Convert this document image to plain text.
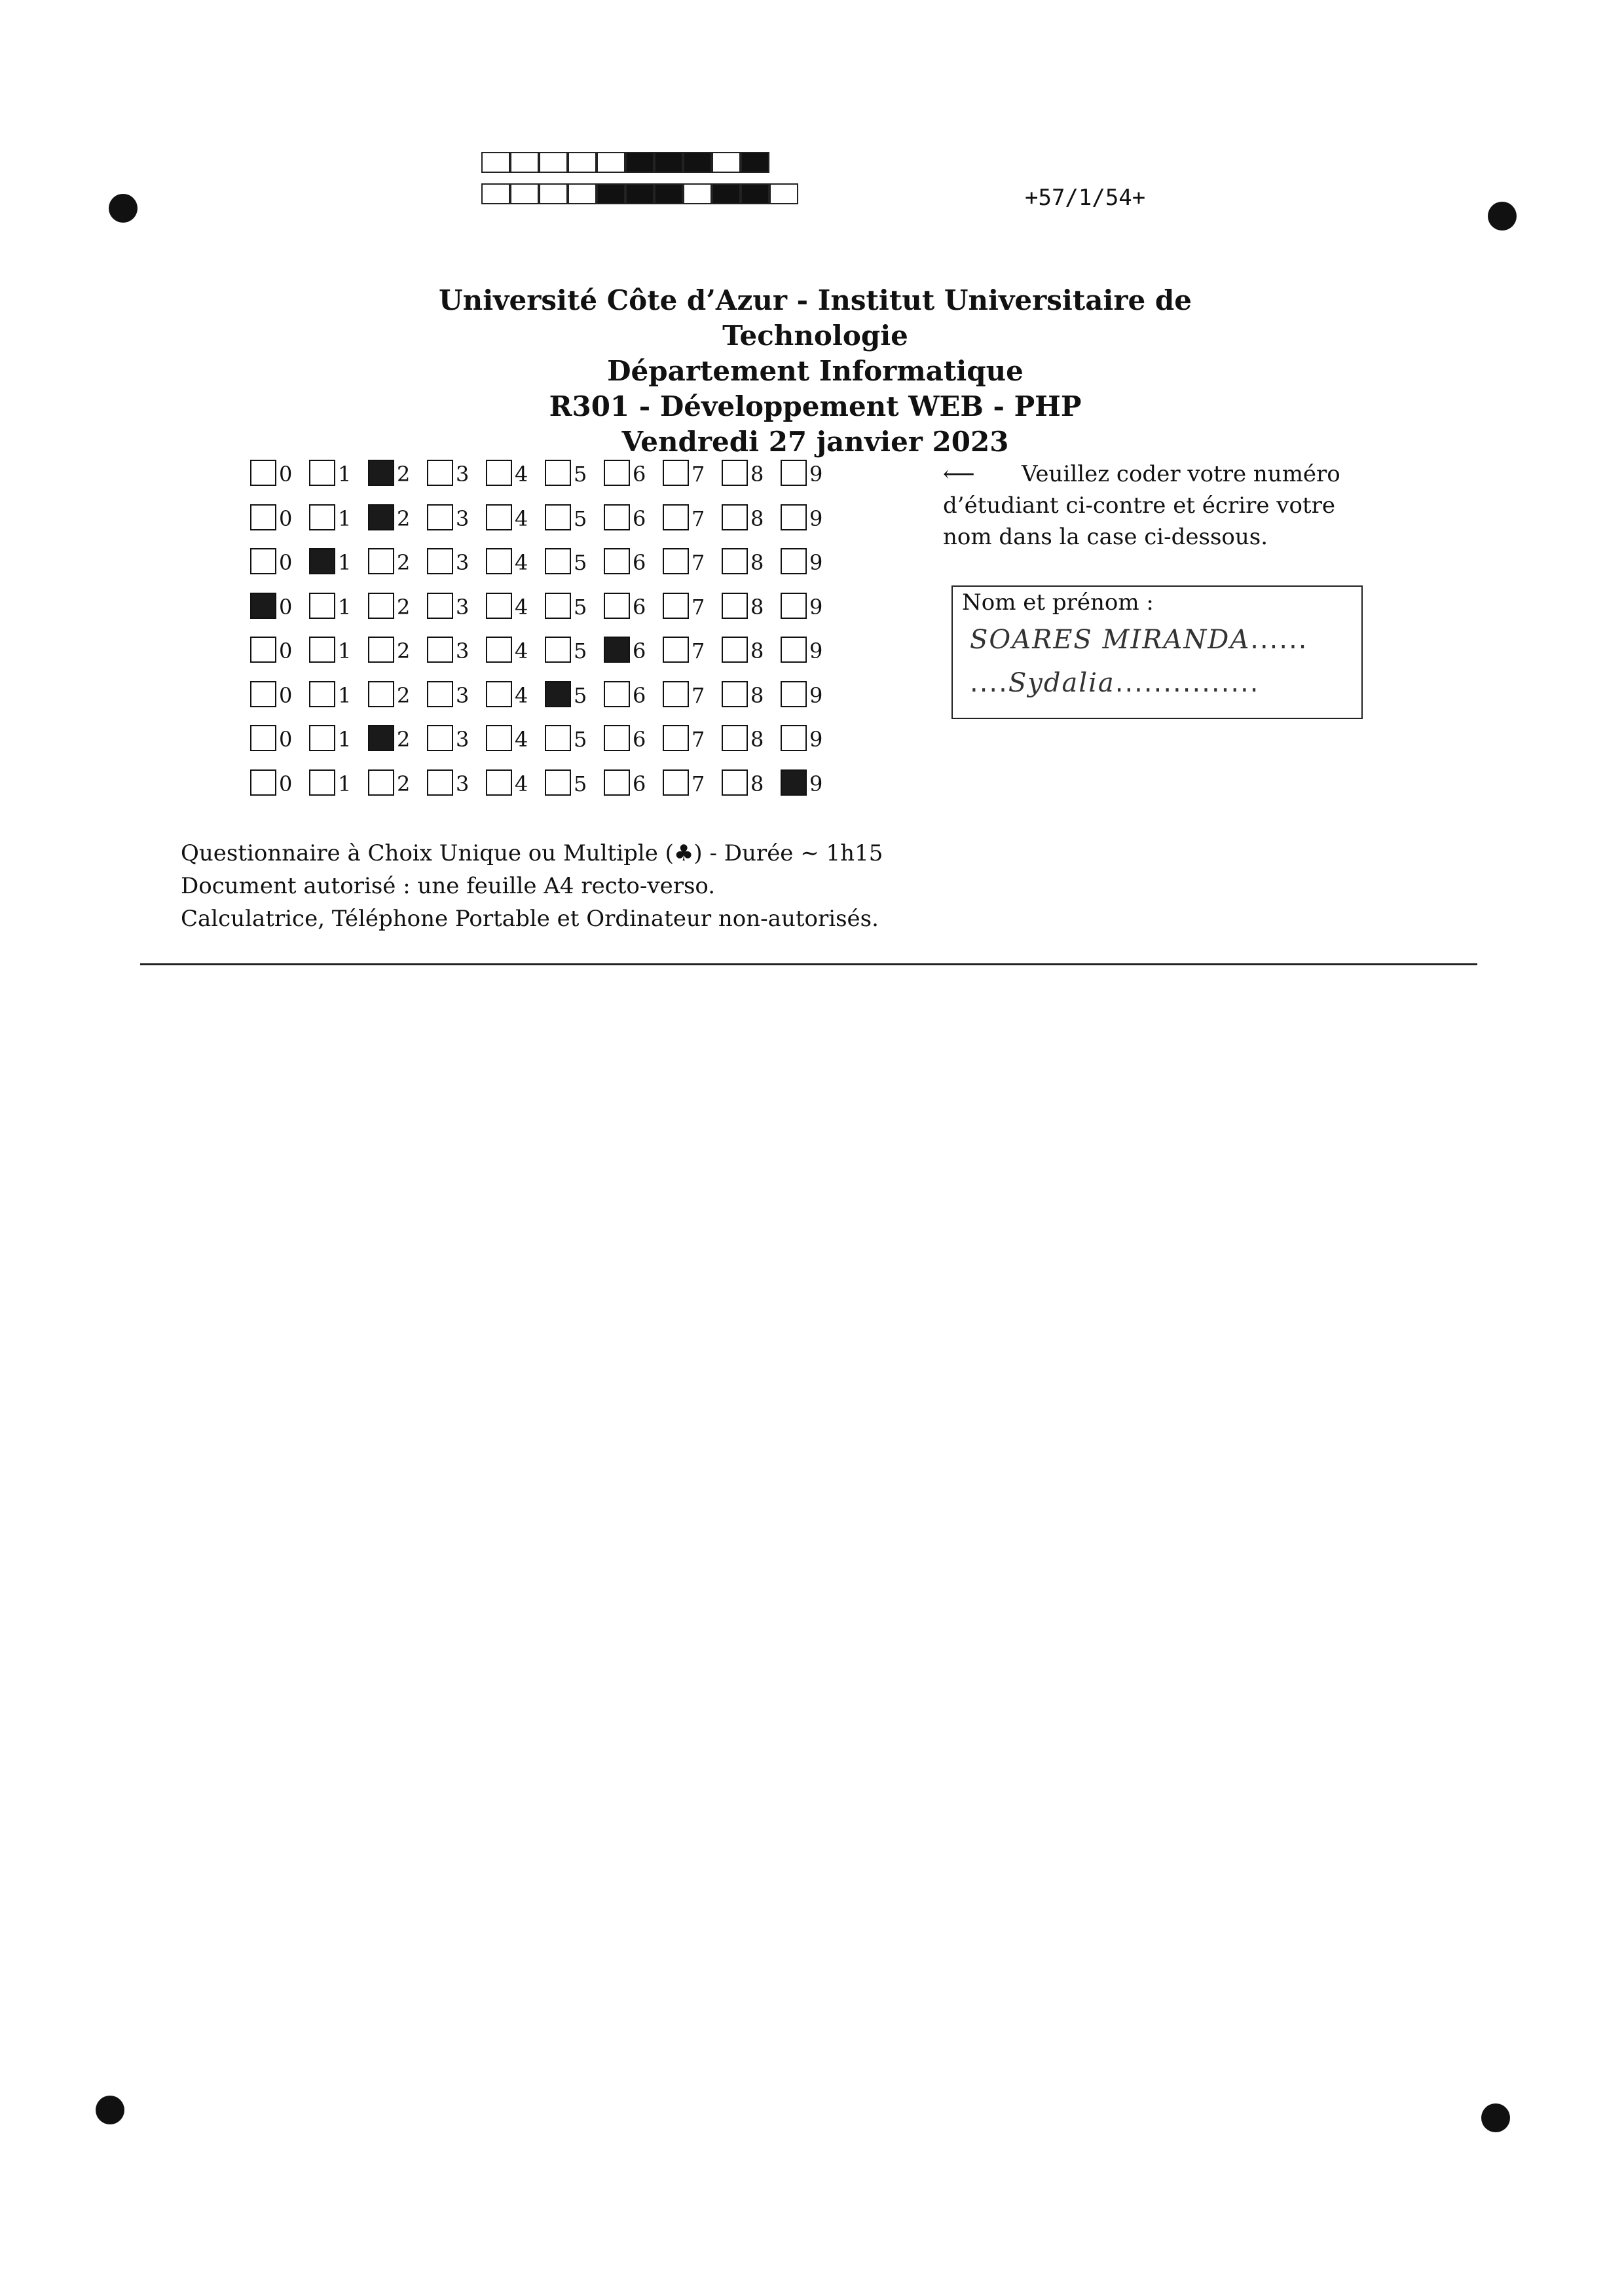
+57/1/54+
Université Côte d’Azur - Institut Universitaire de Technologie
Département Informatique
R301 - Développement WEB - PHP
Vendredi 27 janvier 2023
0 1 2 3 4 5 6 7 8 9
0 1 2 3 4 5 6 7 8 9
0 1 2 3 4 5 6 7 8 9
0 1 2 3 4 5 6 7 8 9
0 1 2 3 4 5 6 7 8 9
0 1 2 3 4 5 6 7 8 9
0 1 2 3 4 5 6 7 8 9
0 1 2 3 4 5 6 7 8 9
⟵ Veuillez coder votre numéro d’étudiant ci-contre et écrire votre nom dans la case ci-dessous.
Nom et prénom :
SOARES MIRANDA......
....Sydalia...............
Questionnaire à Choix Unique ou Multiple (♣) - Durée ∼ 1h15
Document autorisé : une feuille A4 recto-verso.
Calculatrice, Téléphone Portable et Ordinateur non-autorisés.
